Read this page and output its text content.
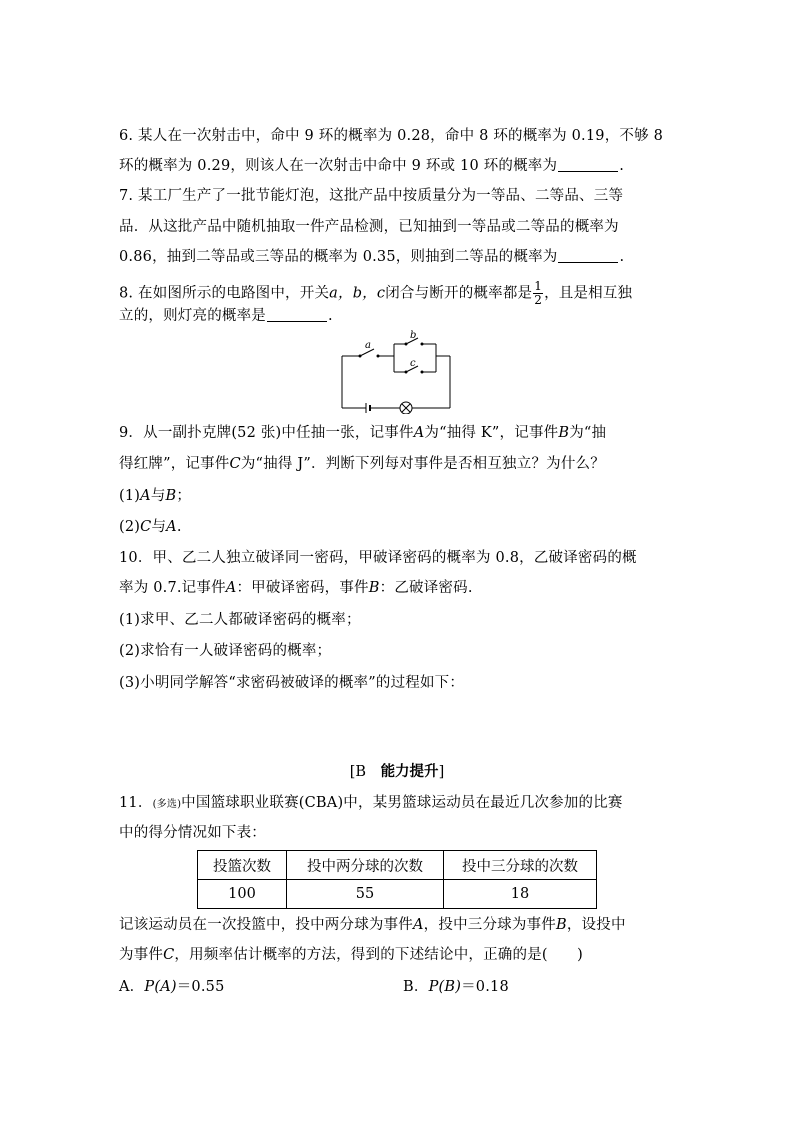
6. 某人在一次射击中，命中 9 环的概率为 0.28，命中 8 环的概率为 0.19，不够 8
环的概率为 0.29，则该人在一次射击中命中 9 环或 10 环的概率为	.
7. 某工厂生产了一批节能灯泡，这批产品中按质量分为一等品、二等品、三等
品．从这批产品中随机抽取一件产品检测，已知抽到一等品或二等品的概率为
0.86，抽到二等品或三等品的概率为 0.35，则抽到二等品的概率为	.
8. 在如图所示的电路图中，开关a，b，c闭合与断开的概率都是 $\frac{1}{2}$ ，且是相互独
立的，则灯亮的概率是	.
a
b
c
9．从一副扑克牌(52 张)中任抽一张，记事件A为“抽得 K”，记事件B为“抽
得红牌”，记事件C为“抽得 J”．判断下列每对事件是否相互独立？为什么？
(1)A与B；
(2)C与A.
10．甲、乙二人独立破译同一密码，甲破译密码的概率为 0.8，乙破译密码的概
率为 0.7.记事件A：甲破译密码，事件B：乙破译密码.
(1)求甲、乙二人都破译密码的概率；
(2)求恰有一人破译密码的概率；
(3)小明同学解答“求密码被破译的概率”的过程如下：
[B　 能力提升]
11．(多选)中国篮球职业联赛(CBA)中，某男篮球运动员在最近几次参加的比赛
中的得分情况如下表：
投篮次数	投中两分球的次数	投中三分球的次数
100	55	18
记该运动员在一次投篮中，投中两分球为事件A，投中三分球为事件B，设投中
为事件C，用频率估计概率的方法，得到的下述结论中，正确的是(　　)
A．P(A)＝0.55	B．P(B)＝0.18
